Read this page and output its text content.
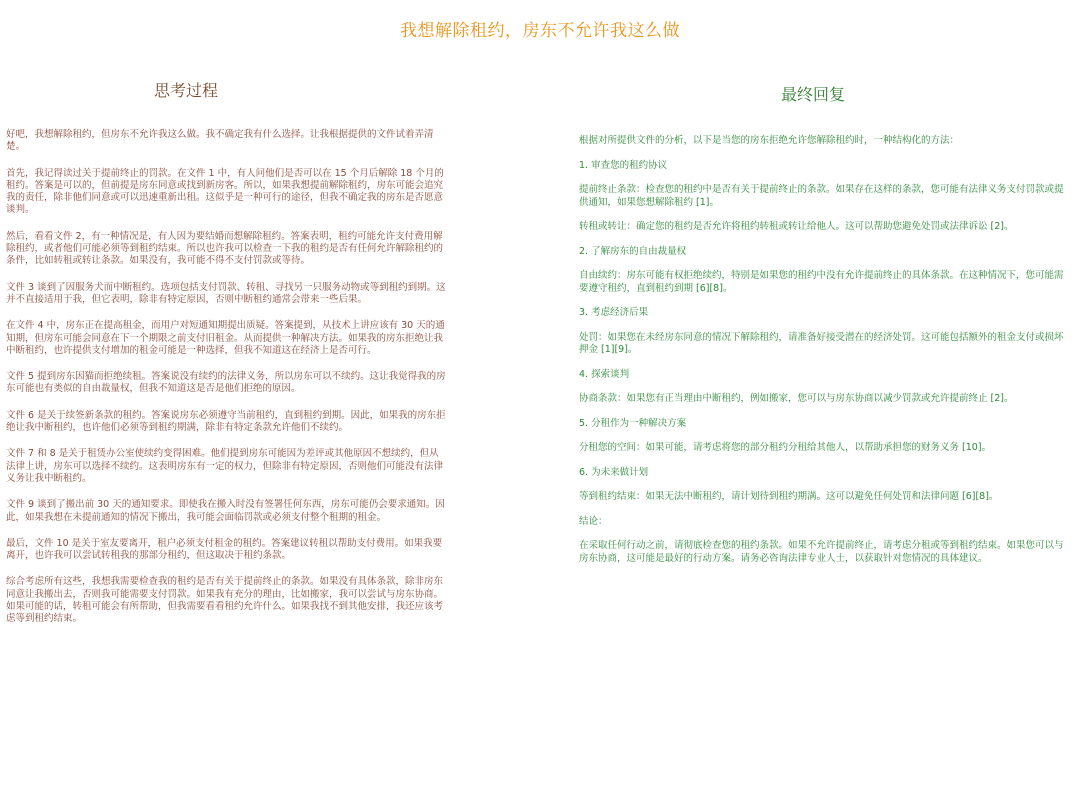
我想解除租约，房东不允许我这么做
思考过程

好吧，我想解除租约，但房东不允许我这么做。我不确定我有什么选择。让我根据提供的文件试着弄清楚。

首先，我记得读过关于提前终止的罚款。在文件 1 中，有人问他们是否可以在 15 个月后解除 18 个月的租约。答案是可以的，但前提是房东同意或找到新房客。所以，如果我想提前解除租约，房东可能会追究我的责任，除非他们同意或可以迅速重新出租。这似乎是一种可行的途径，但我不确定我的房东是否愿意谈判。

然后，看看文件 2，有一种情况是，有人因为要结婚而想解除租约。答案表明，租约可能允许支付费用解除租约，或者他们可能必须等到租约结束。所以也许我可以检查一下我的租约是否有任何允许解除租约的条件，比如转租或转让条款。如果没有，我可能不得不支付罚款或等待。

文件 3 谈到了因服务犬而中断租约。选项包括支付罚款、转租、寻找另一只服务动物或等到租约到期。这并不直接适用于我，但它表明，除非有特定原因，否则中断租约通常会带来一些后果。

在文件 4 中，房东正在提高租金，而用户对短通知期提出质疑。答案提到，从技术上讲应该有 30 天的通知期，但房东可能会同意在下一个期限之前支付旧租金。从而提供一种解决方法。如果我的房东拒绝让我中断租约，也许提供支付增加的租金可能是一种选择，但我不知道这在经济上是否可行。

文件 5 提到房东因猫而拒绝续租。答案说没有续约的法律义务，所以房东可以不续约。这让我觉得我的房东可能也有类似的自由裁量权，但我不知道这是否是他们拒绝的原因。

文件 6 是关于续签新条款的租约。答案说房东必须遵守当前租约，直到租约到期。因此，如果我的房东拒绝让我中断租约，也许他们必须等到租约期满，除非有特定条款允许他们不续约。

文件 7 和 8 是关于租赁办公室使续约变得困难。他们提到房东可能因为差评或其他原因不想续约，但从法律上讲，房东可以选择不续约。这表明房东有一定的权力，但除非有特定原因，否则他们可能没有法律义务让我中断租约。

文件 9 谈到了搬出前 30 天的通知要求。即使我在搬入时没有签署任何东西，房东可能仍会要求通知。因此，如果我想在未提前通知的情况下搬出，我可能会面临罚款或必须支付整个租期的租金。

最后，文件 10 是关于室友要离开，租户必须支付租金的租约。答案建议转租以帮助支付费用。如果我要离开，也许我可以尝试转租我的那部分租约，但这取决于租约条款。

综合考虑所有这些，我想我需要检查我的租约是否有关于提前终止的条款。如果没有具体条款，除非房东同意让我搬出去，否则我可能需要支付罚款。如果我有充分的理由，比如搬家，我可以尝试与房东协商。如果可能的话，转租可能会有所帮助，但我需要看看租约允许什么。如果我找不到其他安排，我还应该考虑等到租约结束。

最终回复

根据对所提供文件的分析，以下是当您的房东拒绝允许您解除租约时，一种结构化的方法：

1. 审查您的租约协议

提前终止条款：检查您的租约中是否有关于提前终止的条款。如果存在这样的条款，您可能有法律义务支付罚款或提供通知，如果您想解除租约 [1]。

转租或转让：确定您的租约是否允许将租约转租或转让给他人。这可以帮助您避免处罚或法律诉讼 [2]。

2. 了解房东的自由裁量权

自由续约：房东可能有权拒绝续约，特别是如果您的租约中没有允许提前终止的具体条款。在这种情况下，您可能需要遵守租约，直到租约到期 [6][8]。

3. 考虑经济后果

处罚：如果您在未经房东同意的情况下解除租约，请准备好接受潜在的经济处罚。这可能包括额外的租金支付或损坏押金 [1][9]。

4. 探索谈判

协商条款：如果您有正当理由中断租约，例如搬家，您可以与房东协商以减少罚款或允许提前终止 [2]。

5. 分租作为一种解决方案

分租您的空间：如果可能，请考虑将您的部分租约分租给其他人，以帮助承担您的财务义务 [10]。

6. 为未来做计划

等到租约结束：如果无法中断租约，请计划待到租约期满。这可以避免任何处罚和法律问题 [6][8]。

结论：

在采取任何行动之前，请彻底检查您的租约条款。如果不允许提前终止，请考虑分租或等到租约结束。如果您可以与房东协商，这可能是最好的行动方案。请务必咨询法律专业人士，以获取针对您情况的具体建议。
